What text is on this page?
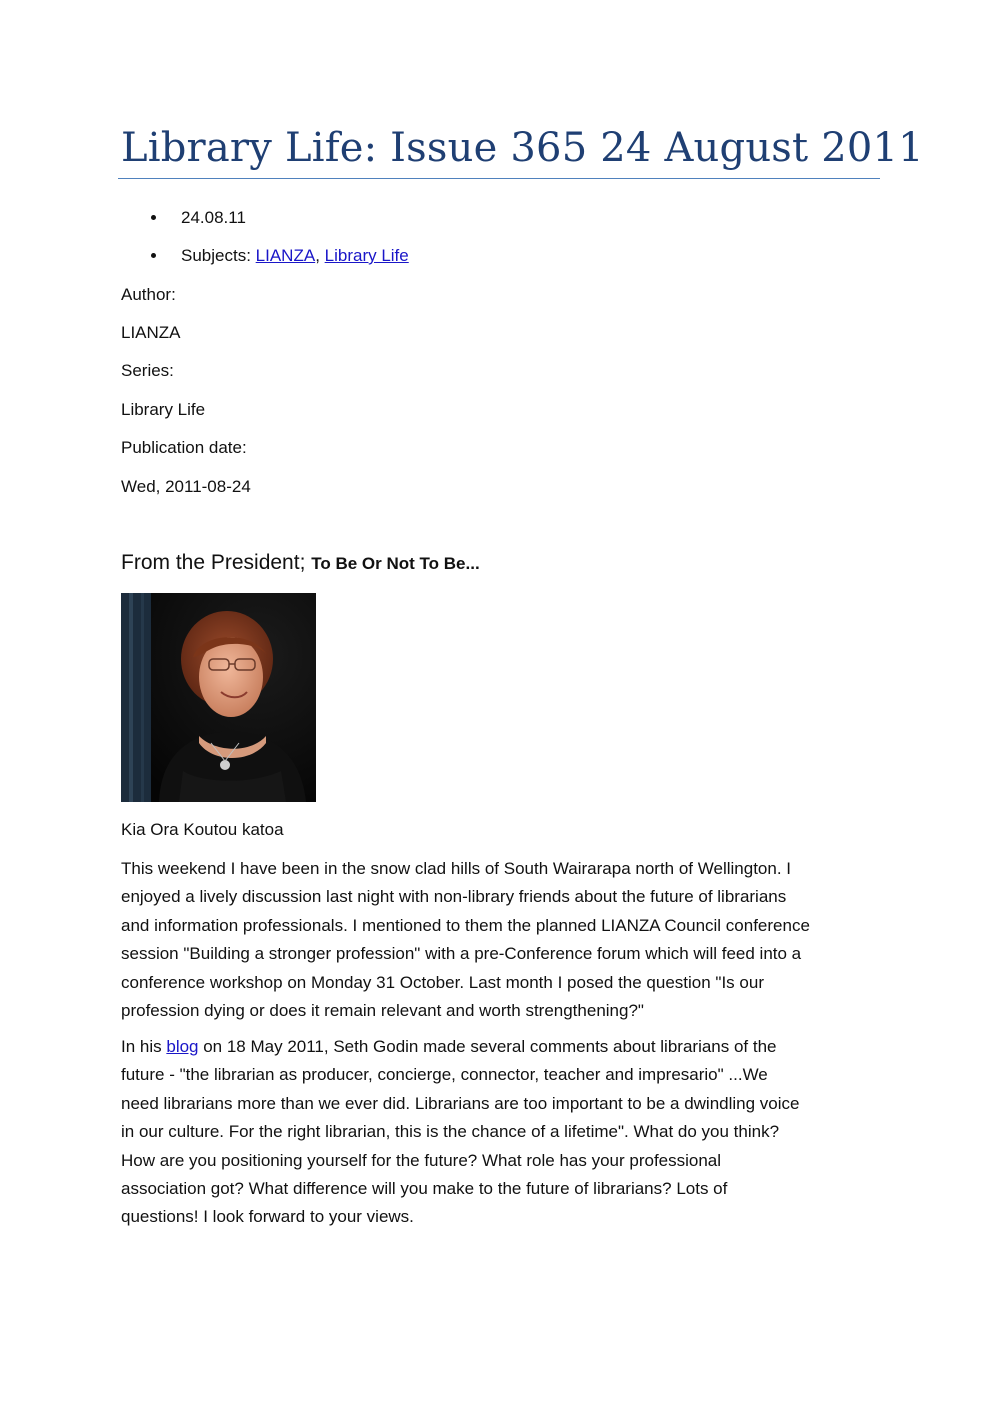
Library Life: Issue 365 24 August 2011
24.08.11
Subjects: LIANZA, Library Life
Author:
LIANZA
Series:
Library Life
Publication date:
Wed, 2011-08-24
From the President; To Be Or Not To Be...
Kia Ora Koutou katoa
This weekend I have been in the snow clad hills of South Wairarapa north of Wellington. I
enjoyed a lively discussion last night with non-library friends about the future of librarians
and information professionals. I mentioned to them the planned LIANZA Council conference
session "Building a stronger profession" with a pre-Conference forum which will feed into a
conference workshop on Monday 31 October. Last month I posed the question "Is our
profession dying or does it remain relevant and worth strengthening?"
In his blog on 18 May 2011, Seth Godin made several comments about librarians of the
future - "the librarian as producer, concierge, connector, teacher and impresario" ...We
need librarians more than we ever did. Librarians are too important to be a dwindling voice
in our culture. For the right librarian, this is the chance of a lifetime". What do you think?
How are you positioning yourself for the future? What role has your professional
association got? What difference will you make to the future of librarians? Lots of
questions! I look forward to your views.
